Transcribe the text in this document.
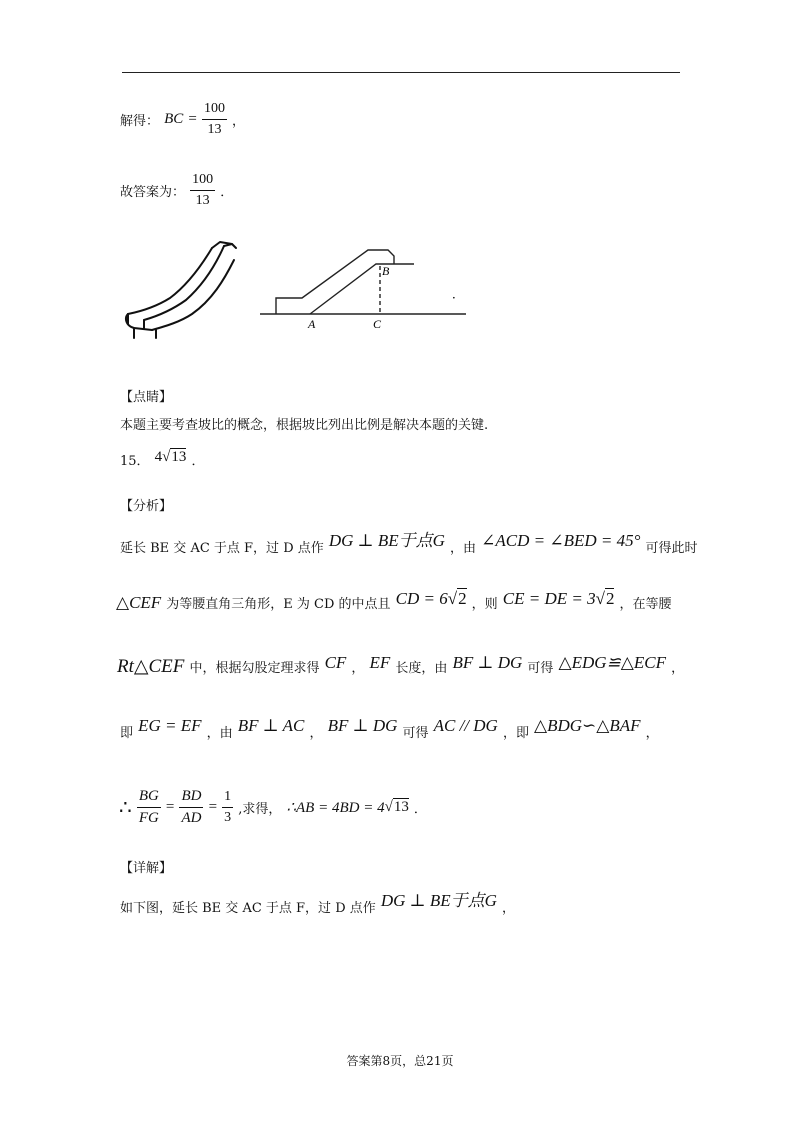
解得： BC = $\frac{100}{13}$ ，
故答案为： $\frac{100}{13}$ ．
A
B
C
．
【点睛】
本题主要考查坡比的概念，根据坡比列出比例是解决本题的关键.
15． 4√13 ．
【分析】
延长 BE 交 AC 于点 F，过 D 点作 DG ⊥ BE于点G ，由 ∠ACD = ∠BED = 45° 可得此时
△CEF 为等腰直角三角形，E 为 CD 的中点且 CD = 6√2 ，则 CE = DE = 3√2 ，在等腰
Rt△CEF 中，根据勾股定理求得 CF ， EF 长度，由 BF ⊥ DG 可得 △EDG≌△ECF ，
即 EG = EF ，由 BF ⊥ AC ， BF ⊥ DG 可得 AC // DG ，即 △BDG∽△BAF ，
∴ $\frac{BG}{FG} = \frac{BD}{AD} = \frac{1}{3}$ ,求得， ∴AB = 4BD = 4√13 ．
【详解】
如下图，延长 BE 交 AC 于点 F，过 D 点作 DG ⊥ BE于点G ，
答案第8页，总21页
